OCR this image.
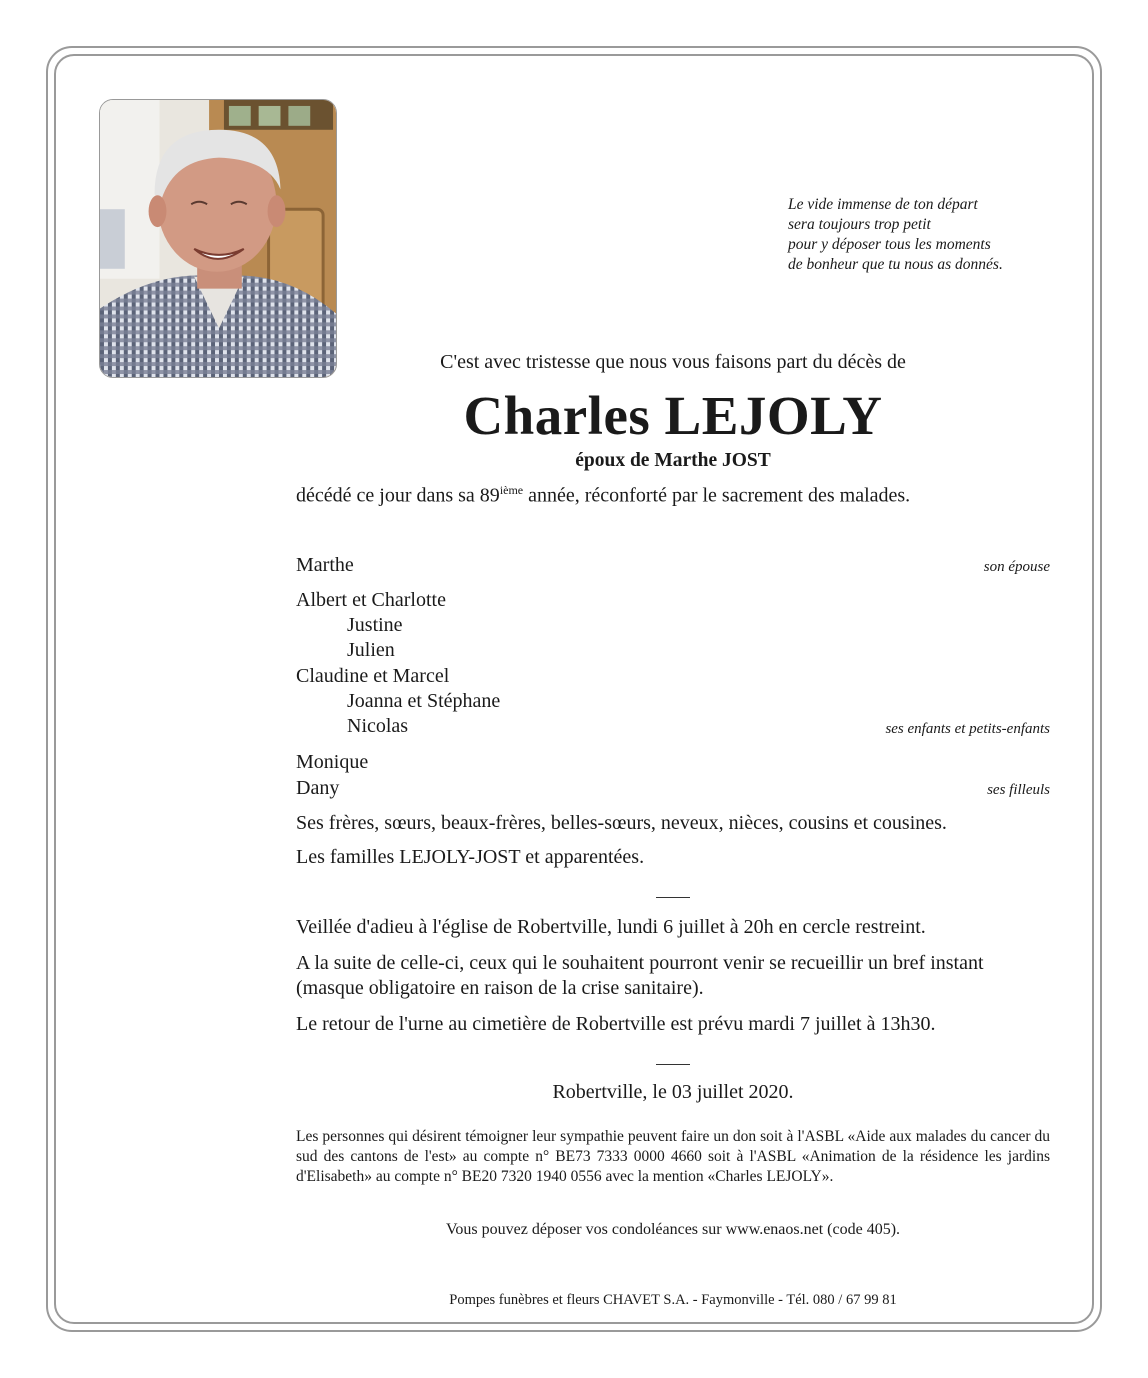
Le vide immense de ton départ
sera toujours trop petit
pour y déposer tous les moments
de bonheur que tu nous as donnés.
C'est avec tristesse que nous vous faisons part du décès de
Charles LEJOLY
époux de Marthe JOST
décédé ce jour dans sa 89ième année, réconforté par le sacrement des malades.
Marthe	son épouse
Albert et Charlotte
Justine
Julien
Claudine et Marcel
Joanna et Stéphane
Nicolas	ses enfants et petits-enfants
Monique
Dany	ses filleuls
Ses frères, sœurs, beaux-frères, belles-sœurs, neveux, nièces, cousins et cousines.
Les familles LEJOLY-JOST et apparentées.
Veillée d'adieu à l'église de Robertville, lundi 6 juillet à 20h en cercle restreint.
A la suite de celle-ci, ceux qui le souhaitent pourront venir se recueillir un bref instant (masque obligatoire en raison de la crise sanitaire).
Le retour de l'urne au cimetière de Robertville est prévu mardi 7 juillet à 13h30.
Robertville, le 03 juillet 2020.
Les personnes qui désirent témoigner leur sympathie peuvent faire un don soit à l'ASBL «Aide aux malades du cancer du sud des cantons de l'est» au compte n° BE73 7333 0000 4660 soit à l'ASBL «Animation de la résidence les jardins d'Elisabeth» au compte n° BE20 7320 1940 0556 avec la mention «Charles LEJOLY».
Vous pouvez déposer vos condoléances sur www.enaos.net (code 405).
Pompes funèbres et fleurs CHAVET S.A. - Faymonville - Tél. 080 / 67 99 81
